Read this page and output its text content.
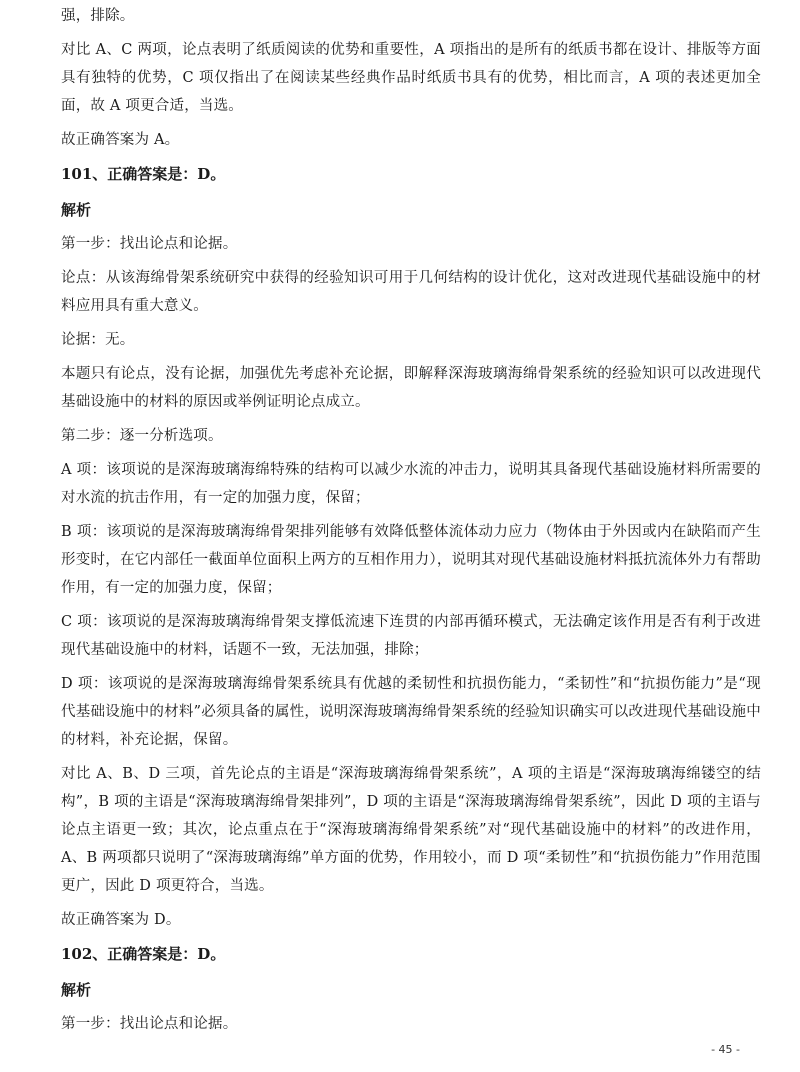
强，排除。

对比 A、C 两项，论点表明了纸质阅读的优势和重要性，A 项指出的是所有的纸质书都在设计、排版等方面具有独特的优势，C 项仅指出了在阅读某些经典作品时纸质书具有的优势，相比而言，A 项的表述更加全面，故 A 项更合适，当选。

故正确答案为 A。

101、正确答案是：D。
解析

第一步：找出论点和论据。

论点：从该海绵骨架系统研究中获得的经验知识可用于几何结构的设计优化，这对改进现代基础设施中的材料应用具有重大意义。

论据：无。

本题只有论点，没有论据，加强优先考虑补充论据，即解释深海玻璃海绵骨架系统的经验知识可以改进现代基础设施中的材料的原因或举例证明论点成立。

第二步：逐一分析选项。

A 项：该项说的是深海玻璃海绵特殊的结构可以减少水流的冲击力，说明其具备现代基础设施材料所需要的对水流的抗击作用，有一定的加强力度，保留；

B 项：该项说的是深海玻璃海绵骨架排列能够有效降低整体流体动力应力（物体由于外因或内在缺陷而产生形变时，在它内部任一截面单位面积上两方的互相作用力），说明其对现代基础设施材料抵抗流体外力有帮助作用，有一定的加强力度，保留；

C 项：该项说的是深海玻璃海绵骨架支撑低流速下连贯的内部再循环模式，无法确定该作用是否有利于改进现代基础设施中的材料，话题不一致，无法加强，排除；

D 项：该项说的是深海玻璃海绵骨架系统具有优越的柔韧性和抗损伤能力，“柔韧性”和“抗损伤能力”是“现代基础设施中的材料”必须具备的属性，说明深海玻璃海绵骨架系统的经验知识确实可以改进现代基础设施中的材料，补充论据，保留。

对比 A、B、D 三项，首先论点的主语是“深海玻璃海绵骨架系统”，A 项的主语是“深海玻璃海绵镂空的结构”，B 项的主语是“深海玻璃海绵骨架排列”，D 项的主语是“深海玻璃海绵骨架系统”，因此 D 项的主语与论点主语更一致；其次，论点重点在于“深海玻璃海绵骨架系统”对“现代基础设施中的材料”的改进作用，A、B 两项都只说明了“深海玻璃海绵”单方面的优势，作用较小，而 D 项“柔韧性”和“抗损伤能力”作用范围更广，因此 D 项更符合，当选。

故正确答案为 D。

102、正确答案是：D。
解析

第一步：找出论点和论据。

- 45 -
